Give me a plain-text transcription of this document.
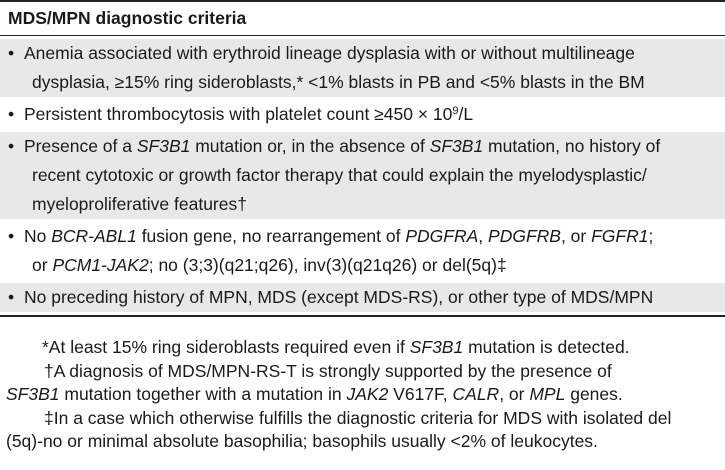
MDS/MPN diagnostic criteria
• Anemia associated with erythroid lineage dysplasia with or without multilineage
dysplasia, ≥15% ring sideroblasts,* <1% blasts in PB and <5% blasts in the BM
• Persistent thrombocytosis with platelet count $\ge 450 \times 10^9/L$
• Presence of a SF3B1 mutation or, in the absence of SF3B1 mutation, no history of
recent cytotoxic or growth factor therapy that could explain the myelodysplastic/
myeloproliferative features†
• No BCR-ABL1 fusion gene, no rearrangement of PDGFRA, PDGFRB, or FGFR1;
or PCM1-JAK2; no (3;3)(q21;q26), inv(3)(q21q26) or del(5q)‡
• No preceding history of MPN, MDS (except MDS-RS), or other type of MDS/MPN
*At least 15% ring sideroblasts required even if SF3B1 mutation is detected.
†A diagnosis of MDS/MPN-RS-T is strongly supported by the presence of
SF3B1 mutation together with a mutation in JAK2 V617F, CALR, or MPL genes.
‡In a case which otherwise fulfills the diagnostic criteria for MDS with isolated del
(5q)-no or minimal absolute basophilia; basophils usually <2% of leukocytes.
